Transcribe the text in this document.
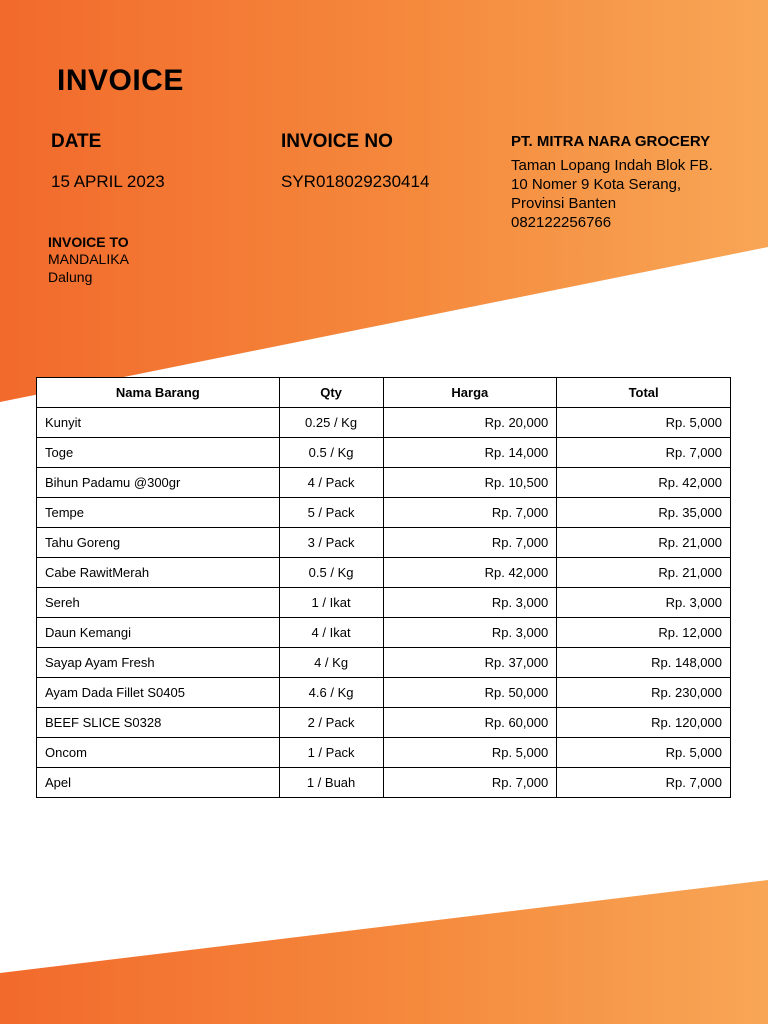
INVOICE
DATE
15 APRIL 2023
INVOICE NO
SYR018029230414
PT. MITRA NARA GROCERY
Taman Lopang Indah Blok FB.
10 Nomer 9 Kota Serang,
Provinsi Banten
082122256766
INVOICE TO
MANDALIKA
Dalung
Nama Barang	Qty	Harga	Total
Kunyit	0.25 / Kg	Rp. 20,000	Rp. 5,000
Toge	0.5 / Kg	Rp. 14,000	Rp. 7,000
Bihun Padamu @300gr	4 / Pack	Rp. 10,500	Rp. 42,000
Tempe	5 / Pack	Rp. 7,000	Rp. 35,000
Tahu Goreng	3 / Pack	Rp. 7,000	Rp. 21,000
Cabe RawitMerah	0.5 / Kg	Rp. 42,000	Rp. 21,000
Sereh	1 / Ikat	Rp. 3,000	Rp. 3,000
Daun Kemangi	4 / Ikat	Rp. 3,000	Rp. 12,000
Sayap Ayam Fresh	4 / Kg	Rp. 37,000	Rp. 148,000
Ayam Dada Fillet S0405	4.6 / Kg	Rp. 50,000	Rp. 230,000
BEEF SLICE S0328	2 / Pack	Rp. 60,000	Rp. 120,000
Oncom	1 / Pack	Rp. 5,000	Rp. 5,000
Apel	1 / Buah	Rp. 7,000	Rp. 7,000
